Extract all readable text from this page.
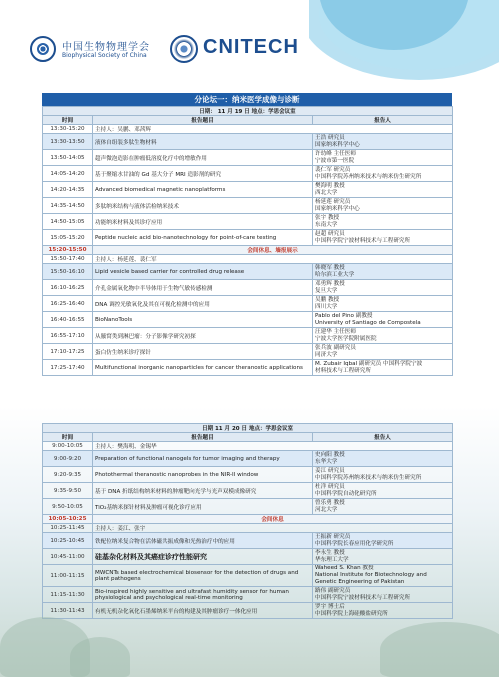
中国生物物理学会
Biophysical Society of China	CNITECH
分论坛一：纳米医学成像与诊断
日期： 11 月 19 日 地点：学思会议室		
时间	报告题目	报告人
13:30-15:20	主持人：吴鹏、邓茜辉	
13:30-13:50	液体自组装多肽生物材料	王浩 研究员
国家纳米科学中心
13:50-14:05	超声微泡造影在肿瘤低溶度化疗中的增敏作用	许幼峰 主任医师
宁波市第一医院
14:05-14:20	基于聚缩水甘油的 Gd 基大分子 MRI 造影剂的研究	裴仁军 研究员
中国科学院苏州纳米技术与纳米仿生研究所
14:20-14:35	Advanced biomedical magnetic nanoplatforms	樊海明 教授
西北大学
14:35-14:50	多肽纳米结构与液体活检纳米技术	杨延莲 研究员
国家纳米科学中心
14:50-15:05	功能纳米材料及其诊疗应用	张宇 教授
东南大学
15:05-15:20	Peptide nucleic acid bio-nanotechnology for point-of-care testing	赵超 研究员
中国科学院宁波材料技术与工程研究所
15:20-15:50	会间休息、墙报展示	
15:50-17:40	主持人：杨延莲、裴仁军	
15:50-16:10	Lipid vesicle based carrier for controlled drug release	韩晓军 教授
哈尔滨工业大学
16:10-16:25	介孔金属氧化物中半导体用于生物气敏传感检测	邓勇辉 教授
复旦大学
16:25-16:40	DNA 调控光敏氧化及其在可视化检测中的应用	吴鹏 教授
四川大学
16:40-16:55	BioNanoTools	Pablo del Pino 副教授
University of Santiago de Compostela
16:55-17:10	从腋窝类到淋巴瘤：分子影像学研究初探	汪建华 主任医师
宁波大学医学院附属医院
17:10-17:25	蛋白仿生纳米诊疗探针	张兵波 副研究员
同济大学
17:25-17:40	Multifunctional inorganic nanoparticles for cancer theranostic applications	M. Zubair Iqbal 副研究员 中国科学院宁波
材料技术与工程研究所
日期 11 月 20 日 地点：学思会议室		
时间	报告题目	报告人
9:00-10:05	主持人：樊海明、金锡华	
9:00-9:20	Preparation of functional nanogels for tumor imaging and therapy	史向阳 教授
东华大学
9:20-9:35	Photothermal theranostic nanoprobes in the NIR-II window	姜江 研究员
中国科学院苏州纳米技术与纳米仿生研究所
9:35-9:50	基于 DNA 折纸结构纳米材料的肿瘤靶向光学与光声双模成像研究	杜洋 研究员
中国科学院自动化研究所
9:50-10:05	TiO₂基纳米探针材料及肿瘤可视化诊疗应用	曾乐勇 教授
河北大学
10:05-10:25	会间休息	
10:25-11:45	主持人：姜江、张宇	
10:25-10:45	铁配位纳米复合物在活体磁共振成像和光热治疗中的应用	王振新 研究员
中国科学院长春应用化学研究所
10:45-11:00	硅基杂化材料及其癌症诊疗性能研究	李永生 教授
华东理工大学
11:00-11:15	MWCNTs based electrochemical biosensor for the detection of drugs and plant pathogens	Waheed S. Khan 教授
National Institute for Biotechnology and Genetic Engineering of Pakistan
11:15-11:30	Bio-inspired highly sensitive and ultrafast humidity sensor for human physiological and psychological real-time monitoring	路伟 副研究员
中国科学院宁波材料技术与工程研究所
11:30-11:43	有机无机杂化氧化石墨烯纳米平台的构建及其肿瘤诊疗一体化应用	罗宇 博士后
中国科学院上海硅酸盐研究所
